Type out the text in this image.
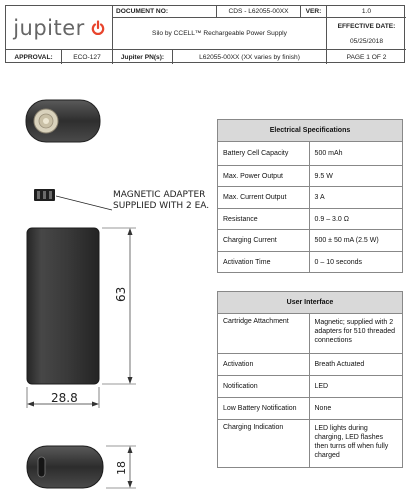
jupiter
DOCUMENT NO:	CDS - L62055-00XX	VER:	1.0
Silo by CCELL™ Rechargeable Power Supply
EFFECTIVE DATE:
05/25/2018
APPROVAL:	ECO-127	Jupiter PN(s):	L62055-00XX (XX varies by finish)	PAGE 1 OF 2
MAGNETIC ADAPTER
SUPPLIED WITH 2 EA.
63
28.8
18
Electrical Specifications	
Battery Cell Capacity	500 mAh
Max. Power Output	9.5 W
Max. Current Output	3 A
Resistance	0.9 – 3.0 Ω
Charging Current	500 ± 50 mA (2.5 W)
Activation Time	0 – 10 seconds
User Interface	
Cartridge Attachment	Magnetic; supplied with 2 adapters for 510 threaded connections
Activation	Breath Actuated
Notification	LED
Low Battery Notification	None
Charging Indication	LED lights during charging, LED flashes then turns off when fully charged
